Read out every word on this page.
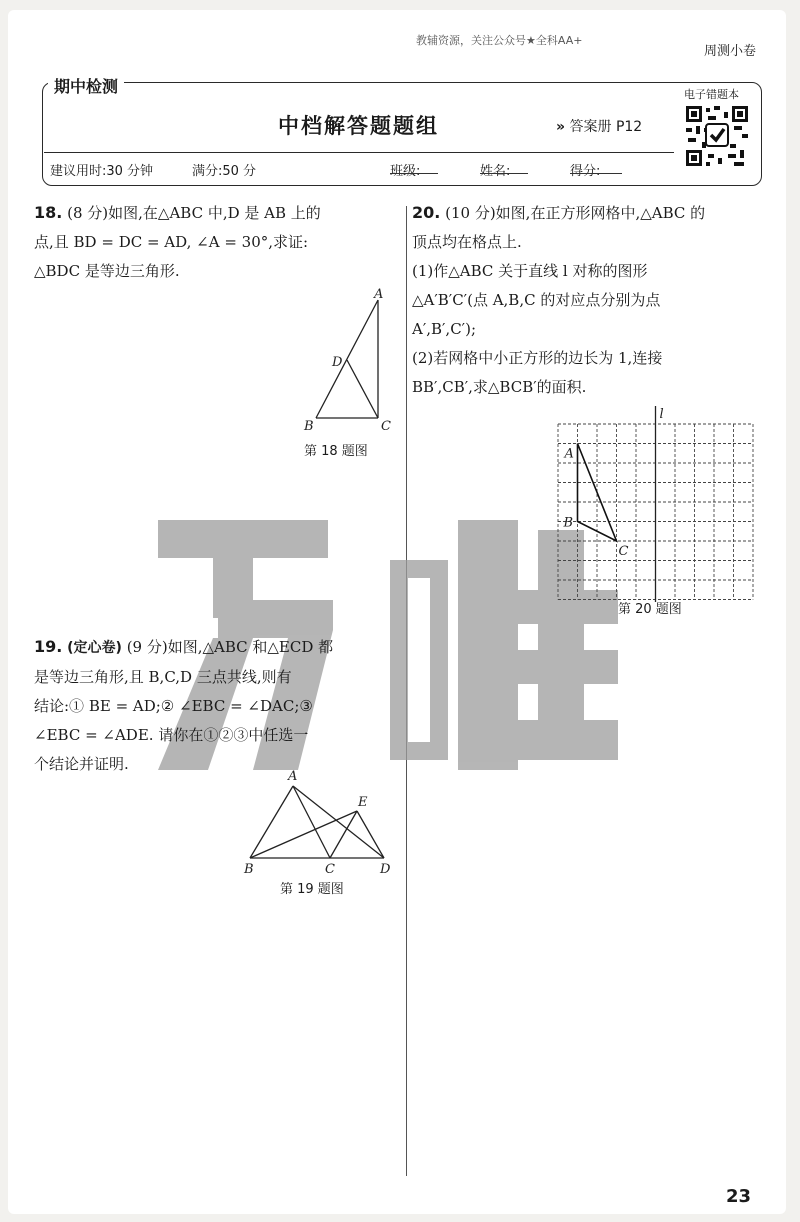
教辅资源，关注公众号★全科AA+
周测小卷
期中检测
中档解答题题组	» 答案册 P12
建议用时:30 分钟	满分:50 分	班级:	姓名:	得分:
电子错题本
18. (8 分)如图,在△ABC 中,D 是 AB 上的
点,且 BD = DC = AD, ∠A = 30°,求证:
△BDC 是等边三角形.
A
B	C
D
第 18 题图
19. (定心卷) (9 分)如图,△ABC 和△ECD 都
是等边三角形,且 B,C,D 三点共线,则有
结论:① BE = AD;② ∠EBC = ∠DAC;③
∠EBC = ∠ADE. 请你在①②③中任选一
个结论并证明.
A
B	C	D
E
第 19 题图
20. (10 分)如图,在正方形网格中,△ABC 的
顶点均在格点上.
(1)作△ABC 关于直线 l 对称的图形
△A′B′C′(点 A,B,C 的对应点分别为点
A′,B′,C′);
(2)若网格中小正方形的边长为 1,连接
BB′,CB′,求△BCB′的面积.
l
A
B
C
第 20 题图
23
